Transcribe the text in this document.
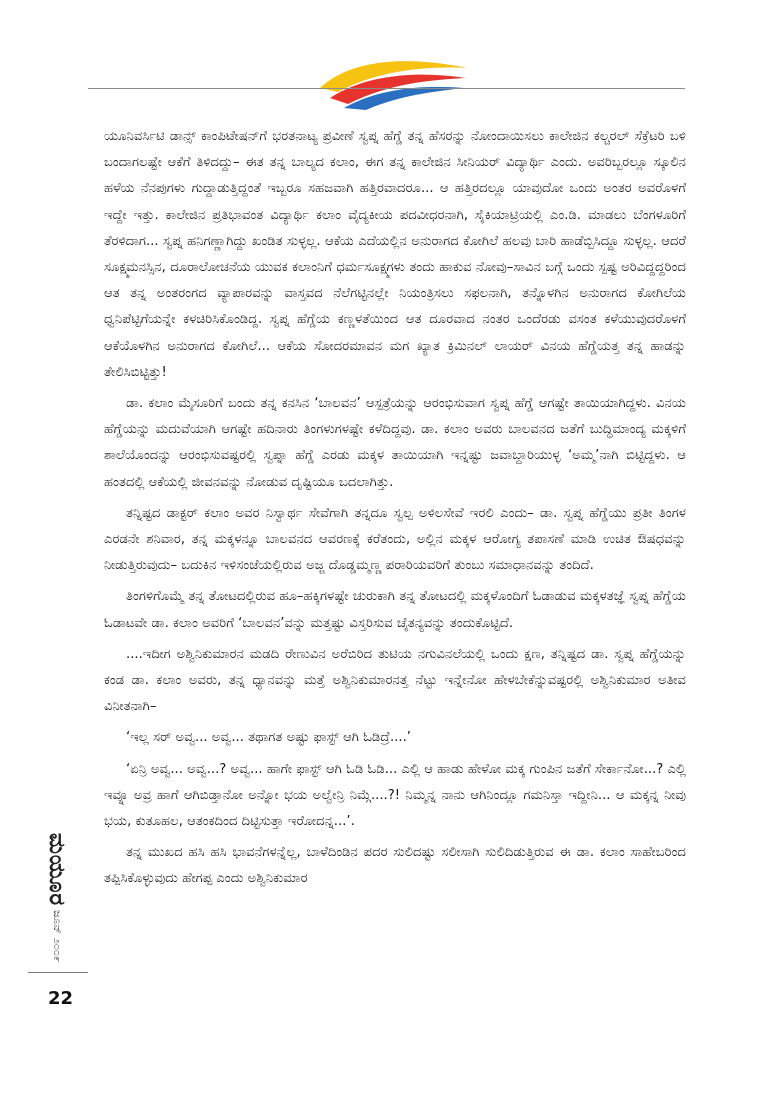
ಯೂನಿವರ್ಸಿಟಿ ಡಾನ್ಸ್ ಕಾಂಪಿಟೇಷನ್‌ಗೆ ಭರತನಾಟ್ಯ ಪ್ರವೀಣೆ ಸ್ವಪ್ನ ಹೆಗ್ಡೆ ತನ್ನ ಹೆಸರನ್ನು ನೋಂದಾಯಿಸಲು ಕಾಲೇಜಿನ ಕಲ್ಚರಲ್ ಸೆಕ್ರೆಟರಿ ಬಳಿ ಬಂದಾಗಲಷ್ಟೇ ಆಕೆಗೆ ತಿಳಿದದ್ದು– ಈತ ತನ್ನ ಬಾಲ್ಯದ ಕಲಾಂ, ಈಗ ತನ್ನ ಕಾಲೇಜಿನ ಸೀನಿಯರ್ ವಿದ್ಯಾರ್ಥಿ ಎಂದು. ಅವರಿಬ್ಬರಲ್ಲೂ ಸ್ಕೂಲಿನ ಹಳೆಯ ನೆನಪುಗಳು ಗುದ್ದಾಡುತ್ತಿದ್ದಂತೆ ಇಬ್ಬರೂ ಸಹಜವಾಗಿ ಹತ್ತಿರವಾದರೂ... ಆ ಹತ್ತಿರದಲ್ಲೂ ಯಾವುದೋ ಒಂದು ಅಂತರ ಅವರೊಳಗೆ ಇದ್ದೇ ಇತ್ತು. ಕಾಲೇಜಿನ ಪ್ರತಿಭಾವಂತ ವಿದ್ಯಾರ್ಥಿ ಕಲಾಂ ವೈದ್ಯಕೀಯ ಪದವೀಧರನಾಗಿ, ಸೈಕಿಯಾಟ್ರಿಯಲ್ಲಿ ಎಂ.ಡಿ. ಮಾಡಲು ಬೆಂಗಳೂರಿಗೆ ತೆರಳಿದಾಗ... ಸ್ವಪ್ನ ಹನಿಗಣ್ಣಾಗಿದ್ದು ಖಂಡಿತ ಸುಳ್ಳಲ್ಲ. ಆಕೆಯ ಎದೆಯಲ್ಲಿನ ಅನುರಾಗದ ಕೋಗಿಲೆ ಹಲವು ಬಾರಿ ಹಾಡೆಬ್ಬಿಸಿದ್ದೂ ಸುಳ್ಳಲ್ಲ. ಆದರೆ ಸೂಕ್ಷ್ಮಮನಸ್ಸಿನ, ದೂರಾಲೋಚನೆಯ ಯುವಕ ಕಲಾಂನಿಗೆ ಧರ್ಮಸೂಕ್ಷ್ಮಗಳು ತಂದು ಹಾಕುವ ನೋವು–ಸಾವಿನ ಬಗ್ಗೆ ಒಂದು ಸ್ಪಷ್ಟ ಅರಿವಿದ್ದದ್ದರಿಂದ ಆತ ತನ್ನ ಅಂತರಂಗದ ವ್ಯಾಪಾರವನ್ನು ವಾಸ್ತವದ ನೆಲೆಗಟ್ಟಿನಲ್ಲೇ ನಿಯಂತ್ರಿಸಲು ಸಫಲನಾಗಿ, ತನ್ನೊಳಗಿನ ಅನುರಾಗದ ಕೋಗಿಲೆಯ ಧ್ವನಿಪೆಟ್ಟಿಗೆಯನ್ನೇ ಕಳಚಿರಿಸಿಕೊಂಡಿದ್ದ. ಸ್ವಪ್ನ ಹೆಗ್ಡೆಯ ಕಣ್ಣಳತೆಯಿಂದ ಆತ ದೂರವಾದ ನಂತರ ಒಂದೆರಡು ವಸಂತ ಕಳೆಯುವುದರೊಳಗೆ ಆಕೆಯೊಳಗಿನ ಅನುರಾಗದ ಕೋಗಿಲೆ... ಆಕೆಯ ಸೋದರಮಾವನ ಮಗ ಖ್ಯಾತ ಕ್ರಿಮಿನಲ್ ಲಾಯರ್ ವಿನಯ ಹೆಗ್ಡೆಯತ್ತ ತನ್ನ ಹಾಡನ್ನು ತೇಲಿಸಿಬಿಟ್ಟಿತ್ತು!

ಡಾ. ಕಲಾಂ ಮೈಸೂರಿಗೆ ಬಂದು ತನ್ನ ಕನಸಿನ ‘ಬಾಲವನ’ ಆಸ್ಪತ್ರೆಯನ್ನು ಆರಂಭಿಸುವಾಗ ಸ್ವಪ್ನ ಹೆಗ್ಡೆ ಆಗಷ್ಟೇ ತಾಯಿಯಾಗಿದ್ದಳು. ವಿನಯ ಹೆಗ್ಡೆಯನ್ನು ಮದುವೆಯಾಗಿ ಆಗಷ್ಟೇ ಹದಿನಾರು ತಿಂಗಳುಗಳಷ್ಟೇ ಕಳೆದಿದ್ದವು. ಡಾ. ಕಲಾಂ ಅವರು ಬಾಲವನದ ಜತೆಗೆ ಬುದ್ಧಿಮಾಂದ್ಯ ಮಕ್ಕಳಿಗೆ ಶಾಲೆಯೊಂದನ್ನು ಆರಂಭಿಸುವಷ್ಟರಲ್ಲಿ ಸ್ವಪ್ನಾ ಹೆಗ್ಡೆ ಎರಡು ಮಕ್ಕಳ ತಾಯಿಯಾಗಿ ಇನ್ನಷ್ಟು ಜವಾಬ್ದಾರಿಯುಳ್ಳ ‘ಅಮ್ಮ’ನಾಗಿ ಬಿಟ್ಟಿದ್ದಳು. ಆ ಹಂತದಲ್ಲಿ ಆಕೆಯಲ್ಲಿ ಜೀವನವನ್ನು ನೋಡುವ ದೃಷ್ಟಿಯೂ ಬದಲಾಗಿತ್ತು.

ತನ್ನಿಷ್ಟದ ಡಾಕ್ಟರ್ ಕಲಾಂ ಅವರ ನಿಸ್ವಾರ್ಥ ಸೇವೆಗಾಗಿ ತನ್ನದೂ ಸ್ವಲ್ಪ ಅಳಿಲಸೇವೆ ಇರಲಿ ಎಂದು– ಡಾ. ಸ್ವಪ್ನ ಹೆಗ್ಡೆಯು ಪ್ರತೀ ತಿಂಗಳ ಎರಡನೇ ಶನಿವಾರ, ತನ್ನ ಮಕ್ಕಳನ್ನೂ ಬಾಲವನದ ಆವರಣಕ್ಕೆ ಕರೆತಂದು, ಅಲ್ಲಿನ ಮಕ್ಕಳ ಆರೋಗ್ಯ ತಪಾಸಣೆ ಮಾಡಿ ಉಚಿತ ಔಷಧವನ್ನು ನೀಡುತ್ತಿರುವುದು– ಬದುಕಿನ ಇಳಿಸಂಜೆಯಲ್ಲಿರುವ ಅಜ್ಜ ದೊಡ್ಡಮ್ಮಣ್ಣ ಪರಾರಿಯವರಿಗೆ ತುಂಬು ಸಮಾಧಾನವನ್ನು ತಂದಿದೆ.

ತಿಂಗಳಿಗೊಮ್ಮೆ ತನ್ನ ತೋಟದಲ್ಲಿರುವ ಹೂ–ಹಕ್ಕಿಗಳಷ್ಟೇ ಚುರುಕಾಗಿ ತನ್ನ ತೋಟದಲ್ಲಿ ಮಕ್ಕಳೊಂದಿಗೆ ಓಡಾಡುವ ಮಕ್ಕಳತಜ್ಞೆ ಸ್ವಪ್ನ ಹೆಗ್ಡೆಯ ಓಡಾಟವೇ ಡಾ. ಕಲಾಂ ಅವರಿಗೆ ‘ಬಾಲವನ’ವನ್ನು ಮತ್ತಷ್ಟು ವಿಸ್ತರಿಸುವ ಚೈತನ್ಯವನ್ನು ತಂದುಕೊಟ್ಟಿದೆ.

....ಇದೀಗ ಅಶ್ವಿನಿಕುಮಾರನ ಮಡದಿ ರೇಣುವಿನ ಅರೆಬಿರಿದ ತುಟಿಯ ನಗುವಿನಲೆಯಲ್ಲಿ ಒಂದು ಕ್ಷಣ, ತನ್ನಿಷ್ಟದ ಡಾ. ಸ್ವಪ್ನ ಹೆಗ್ಡೆಯನ್ನು ಕಂಡ ಡಾ. ಕಲಾಂ ಅವರು, ತನ್ನ ಧ್ಯಾನವನ್ನು ಮತ್ತೆ ಅಶ್ವಿನಿಕುಮಾರನತ್ತ ನೆಟ್ಟು ಇನ್ನೇನೋ ಹೇಳಬೇಕೆನ್ನುವಷ್ಟರಲ್ಲಿ ಅಶ್ವಿನಿಕುಮಾರ ಅತೀವ ವಿನೀತನಾಗಿ–

‘ಇಲ್ಲ ಸರ್ ಅವ್ವ... ಅವ್ವ... ತಥಾಗತ ಅಷ್ಟು ಫಾಸ್ಟ್ ಆಗಿ ಓಡಿದ್ರೆ....’

‘ಏನ್ರಿ ಅವ್ವ... ಅವ್ವ...? ಅವ್ವ... ಹಾಗೇ ಫಾಸ್ಟ್ ಆಗಿ ಓಡಿ ಓಡಿ... ಎಲ್ಲಿ ಆ ಹಾಡು ಹೇಳೋ ಮಕ್ಕ ಗುಂಪಿನ ಜತೆಗೆ ಸೇರ್ಕಾನೋ...? ಎಲ್ಲಿ ಇವ್ನೂ ಅವ್ರ ಹಾಗೆ ಆಗಿಬಿಡ್ತಾನೋ ಅನ್ನೋ ಭಯ ಅಲ್ವೇನ್ರಿ ನಿಮ್ಗೆ....?! ನಿಮ್ಮನ್ನ ನಾನು ಆಗಿನಿಂದ್ಲೂ ಗಮನಿಸ್ತಾ ಇದ್ದೀನಿ... ಆ ಮಕ್ಕನ್ನ ನೀವು ಭಯ, ಕುತೂಹಲ, ಆತಂಕದಿಂದ ದಿಟ್ಟಿಸುತ್ತಾ ಇರೋದನ್ನ...’.

ತನ್ನ ಮುಖದ ಹಸಿ ಹಸಿ ಭಾವನೆಗಳನ್ನೆಲ್ಲ, ಬಾಳೆದಿಂಡಿನ ಪದರ ಸುಲಿದಷ್ಟು ಸಲೀಸಾಗಿ ಸುಲಿದಿಡುತ್ತಿರುವ ಈ ಡಾ. ಕಲಾಂ ಸಾಹೇಬರಿಂದ ತಪ್ಪಿಸಿಕೊಳ್ಳುವುದು ಹೇಗಪ್ಪ ಎಂದು ಅಶ್ವಿನಿಕುಮಾರ

ಮಯೂರ
ಜೂನ್ ೨೦೦೯
22
